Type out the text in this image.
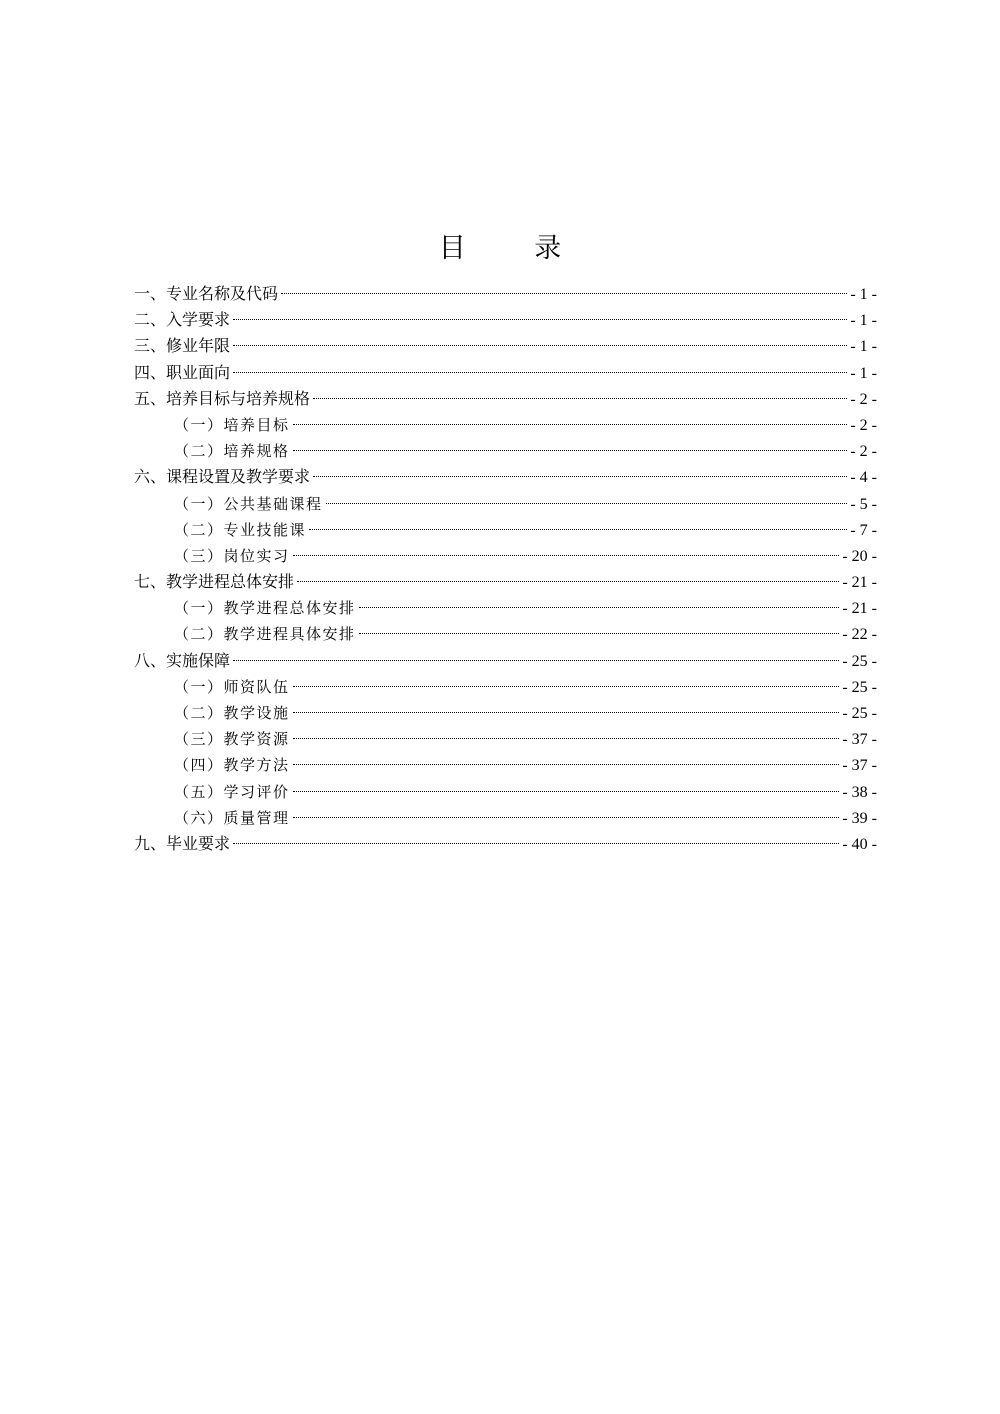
目 录
一、专业名称及代码	- 1 -
二、入学要求	- 1 -
三、修业年限	- 1 -
四、职业面向	- 1 -
五、培养目标与培养规格	- 2 -
（一）培养目标	- 2 -
（二）培养规格	- 2 -
六、课程设置及教学要求	- 4 -
（一）公共基础课程	- 5 -
（二）专业技能课	- 7 -
（三）岗位实习	- 20 -
七、教学进程总体安排	- 21 -
（一）教学进程总体安排	- 21 -
（二）教学进程具体安排	- 22 -
八、实施保障	- 25 -
（一）师资队伍	- 25 -
（二）教学设施	- 25 -
（三）教学资源	- 37 -
（四）教学方法	- 37 -
（五）学习评价	- 38 -
（六）质量管理	- 39 -
九、毕业要求	- 40 -
